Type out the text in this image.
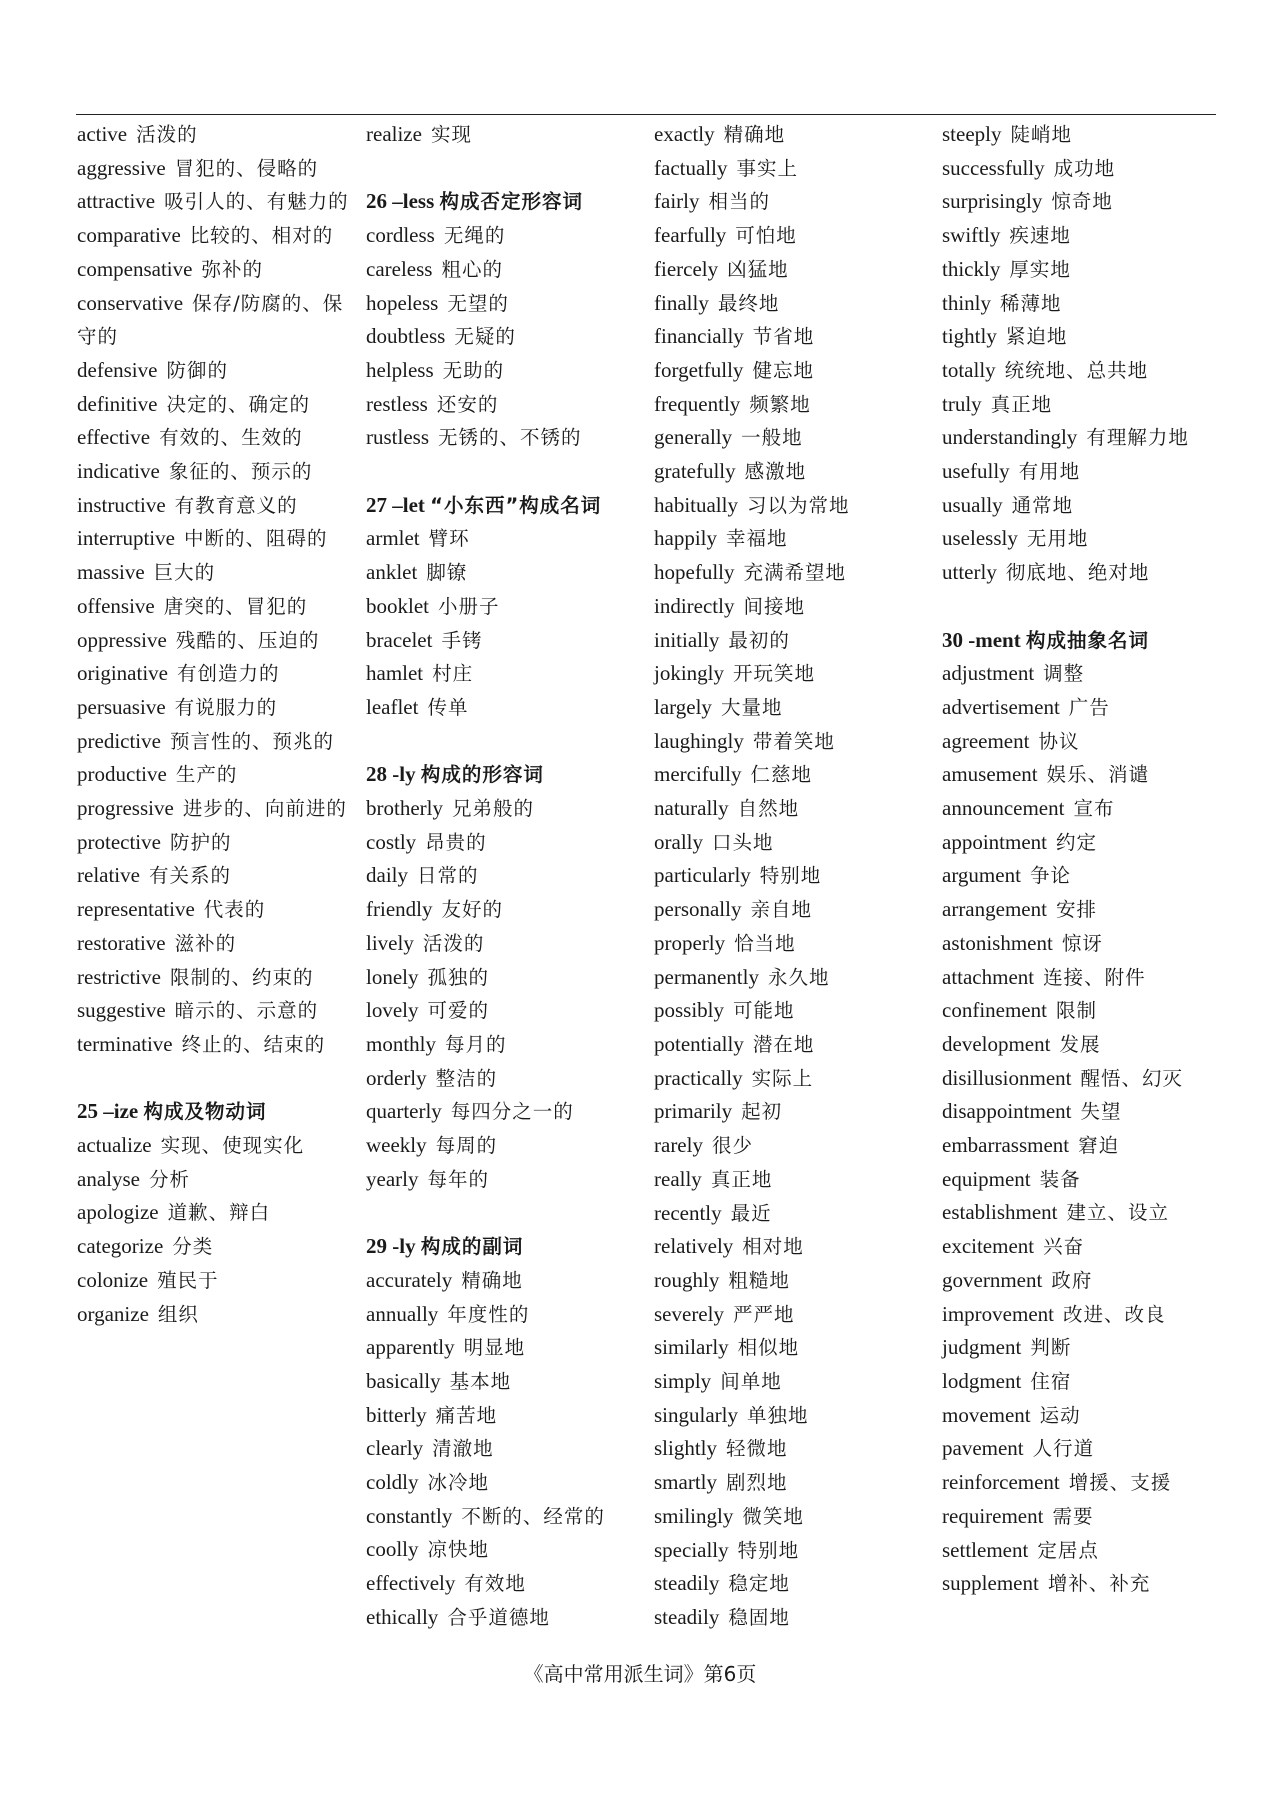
active 活泼的
aggressive 冒犯的、侵略的
attractive 吸引人的、有魅力的
comparative 比较的、相对的
compensative 弥补的
conservative 保存/防腐的、保守的
defensive 防御的
definitive 决定的、确定的
effective 有效的、生效的
indicative 象征的、预示的
instructive 有教育意义的
interruptive 中断的、阻碍的
massive 巨大的
offensive 唐突的、冒犯的
oppressive 残酷的、压迫的
originative 有创造力的
persuasive 有说服力的
predictive 预言性的、预兆的
productive 生产的
progressive 进步的、向前进的
protective 防护的
relative 有关系的
representative 代表的
restorative 滋补的
restrictive 限制的、约束的
suggestive 暗示的、示意的
terminative 终止的、结束的
25 –ize 构成及物动词
actualize 实现、使现实化
analyse 分析
apologize 道歉、辩白
categorize 分类
colonize 殖民于
organize 组织
realize 实现
26 –less 构成否定形容词
cordless 无绳的
careless 粗心的
hopeless 无望的
doubtless 无疑的
helpless 无助的
restless 还安的
rustless 无锈的、不锈的
27 –let “小东西”构成名词
armlet 臂环
anklet 脚镣
booklet 小册子
bracelet 手铐
hamlet 村庄
leaflet 传单
28 -ly 构成的形容词
brotherly 兄弟般的
costly 昂贵的
daily 日常的
friendly 友好的
lively 活泼的
lonely 孤独的
lovely 可爱的
monthly 每月的
orderly 整洁的
quarterly 每四分之一的
weekly 每周的
yearly 每年的
29 -ly 构成的副词
accurately 精确地
annually 年度性的
apparently 明显地
basically 基本地
bitterly 痛苦地
clearly 清澈地
coldly 冰冷地
constantly 不断的、经常的
coolly 凉快地
effectively 有效地
ethically 合乎道德地
exactly 精确地
factually 事实上
fairly 相当的
fearfully 可怕地
fiercely 凶猛地
finally 最终地
financially 节省地
forgetfully 健忘地
frequently 频繁地
generally 一般地
gratefully 感激地
habitually 习以为常地
happily 幸福地
hopefully 充满希望地
indirectly 间接地
initially 最初的
jokingly 开玩笑地
largely 大量地
laughingly 带着笑地
mercifully 仁慈地
naturally 自然地
orally 口头地
particularly 特别地
personally 亲自地
properly 恰当地
permanently 永久地
possibly 可能地
potentially 潜在地
practically 实际上
primarily 起初
rarely 很少
really 真正地
recently 最近
relatively 相对地
roughly 粗糙地
severely 严严地
similarly 相似地
simply 间单地
singularly 单独地
slightly 轻微地
smartly 剧烈地
smilingly 微笑地
specially 特别地
steadily 稳定地
steadily 稳固地
steeply 陡峭地
successfully 成功地
surprisingly 惊奇地
swiftly 疾速地
thickly 厚实地
thinly 稀薄地
tightly 紧迫地
totally 统统地、总共地
truly 真正地
understandingly 有理解力地
usefully 有用地
usually 通常地
uselessly 无用地
utterly 彻底地、绝对地
30 -ment 构成抽象名词
adjustment 调整
advertisement 广告
agreement 协议
amusement 娱乐、消谴
announcement 宣布
appointment 约定
argument 争论
arrangement 安排
astonishment 惊讶
attachment 连接、附件
confinement 限制
development 发展
disillusionment 醒悟、幻灭
disappointment 失望
embarrassment 窘迫
equipment 装备
establishment 建立、设立
excitement 兴奋
government 政府
improvement 改进、改良
judgment 判断
lodgment 住宿
movement 运动
pavement 人行道
reinforcement 增援、支援
requirement 需要
settlement 定居点
supplement 增补、补充
《高中常用派生词》第6页
